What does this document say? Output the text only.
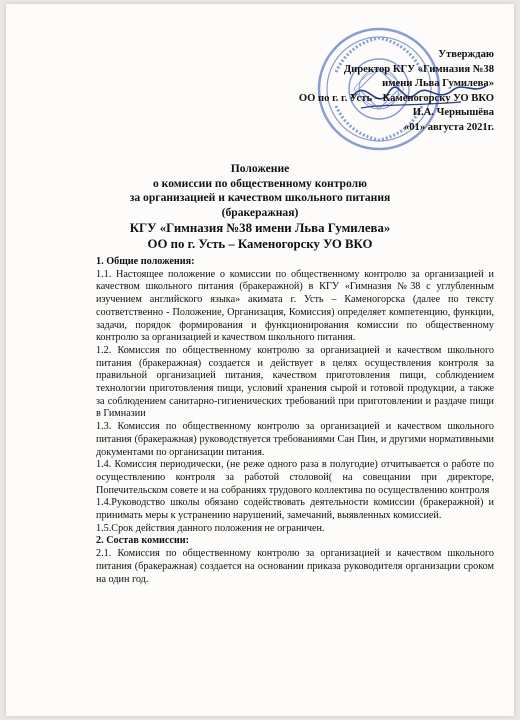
Утверждаю
Директор КГУ «Гимназия №38
имени Льва Гумилева»
ОО по г. г. Усть – Каменогорску УО ВКО
И.А. Чернышёва
«01» августа 2021г.
Положение
о комиссии по общественному контролю
за организацией и качеством школьного питания
(бракеражная)
КГУ «Гимназия №38 имени Льва Гумилева»
ОО по г. Усть – Каменогорску УО ВКО

1. Общие положения:

1.1. Настоящее положение о комиссии по общественному контролю за организацией и качеством школьного питания (бракеражной) в КГУ «Гимназия №38 с углубленным изучением английского языка» акимата г. Усть – Каменогорска (далее по тексту соответственно - Положение, Организация, Комиссия) определяет компетенцию, функции, задачи, порядок формирования и функционирования комиссии по общественному контролю за организацией и качеством школьного питания.

1.2. Комиссия по общественному контролю за организацией и качеством школьного питания (бракеражная) создается и действует в целях осуществления контроля за правильной организацией питания, качеством приготовления пищи, соблюдением технологии приготовления пищи, условий хранения сырой и готовой продукции, а также за соблюдением санитарно-гигиенических требований при приготовлении и раздаче пищи в Гимназии

1.3. Комиссия по общественному контролю за организацией и качеством школьного питания (бракеражная) руководствуется требованиями Сан Пин, и другими нормативными документами по организации питания.

1.4. Комиссия периодически, (не реже одного раза в полугодие) отчитывается о работе по осуществлению контроля за работой столовой( на совещании при директоре, Попечительском совете и на собраниях трудового коллектива по осуществлению контроля

1.4.Руководство школы обязано содействовать деятельности комиссии (бракеражной) и принимать меры к устранению нарушений, замечаний, выявленных комиссией.

1.5.Срок действия данного положения не ограничен.

2. Состав комиссии:

2.1. Комиссия по общественному контролю за организацией и качеством школьного питания (бракеражная) создается на основании приказа руководителя организации сроком на один год.
